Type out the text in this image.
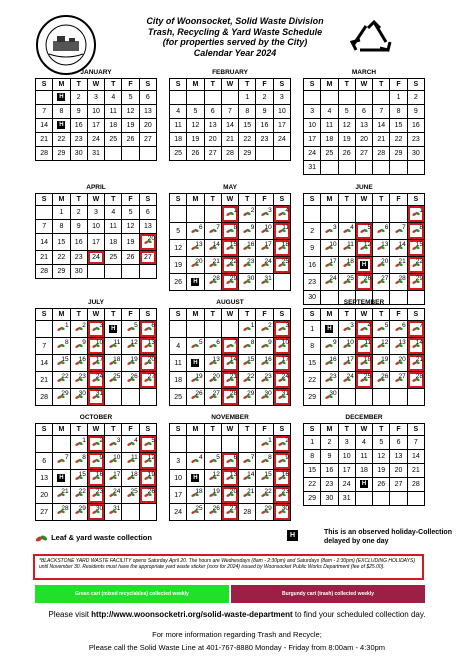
City of Woonsocket, Solid Waste Division
Trash, Recycling & Yard Waste Schedule
(for properties served by the City)
Calendar Year 2024
JANUARY
S	M	T	W	T	F	S
	H	2	3	4	5	6
7	8	9	10	11	12	13
14	H	16	17	18	19	20
21	22	23	24	25	26	27
28	29	30	31			
FEBRUARY
S	M	T	W	T	F	S
				1	2	3
4	5	6	7	8	9	10
11	12	13	14	15	16	17
18	19	20	21	22	23	24
25	26	27	28	29		
MARCH
S	M	T	W	T	F	S
					1	2
3	4	5	6	7	8	9
10	11	12	13	14	15	16
17	18	19	20	21	22	23
24	25	26	27	28	29	30
31						
APRIL
S	M	T	W	T	F	S
	1	2	3	4	5	6
7	8	9	10	11	12	13
14	15	16	17	18	19	20

21	22	23	24	25	26	27
28	29	30				
MAY
S	M	T	W	T	F	S

			1	2	3	4

5	6	7	8	9	10	11

12	13	14	15	16	17	18

19	20	21	22	23	24	25

26	H	28	29	30	31	

JUNE
S	M	T	W	T	F	S

						1

2	3	4	5	6	7	8

9	10	11	12	13	14	15

16	17	18	H	20	21	22

23	24	25	26	27	28	29

30						
JULY
S	M	T	W	T	F	S

	1	2	3	H	5	6

7	8	9	10	11	12	13

14	15	16	17	18	19	20

21	22	23	24	25	26	27

28	29	30	31			

AUGUST
S	M	T	W	T	F	S

				1	2	3

4	5	6	7	8	9	10

11	H	13	14	15	16	17

18	19	20	21	22	23	24

25	26	27	28	29	30	31
SEPTEMBER
S	M	T	W	T	F	S
1	H	3	4	5	6	7

8	9	10	11	12	13	14

15	16	17	18	19	20	21

22	23	24	25	26	27	28

29	30					

OCTOBER
S	M	T	W	T	F	S

		1	2	3	4	5

6	7	8	9	10	11	12

13	H	15	16	17	18	19

20	21	22	23	24	25	26

27	28	29	30	31		

NOVEMBER
S	M	T	W	T	F	S

					1	2

3	4	5	6	7	8	9

10	H	12	13	14	15	16

17	18	19	20	21	22	23

24	25	26	27	28	29	30
DECEMBER
S	M	T	W	T	F	S
1	2	3	4	5	6	7
8	9	10	11	12	13	14
15	16	17	18	19	20	21
22	23	24	H	26	27	28
29	30	31				
Leaf & yard waste collection	H	This is an observed holiday-Collection delayed by one day
*BLACKSTONE YARD WASTE FACILITY opens Saturday April 20. The hours are Wednesdays (8am - 2:30pm) and Saturdays (8am - 2:30pm) (EXCLUDING HOLIDAYS) until November 30. Residents must have the appropriate yard waste sticker (xxxx for 2024) issued by Woonsocket Public Works Department (fee of $25.00).
Green cart (mixed recyclables) collected weekly	Burgundy cart (trash) collected weekly
Please visit http://www.woonsocketri.org/solid-waste-department to find your scheduled collection day.
For more information regarding Trash and Recycle;
Please call the Solid Waste Line at 401-767-8880 Monday - Friday from 8:00am - 4:30pm
